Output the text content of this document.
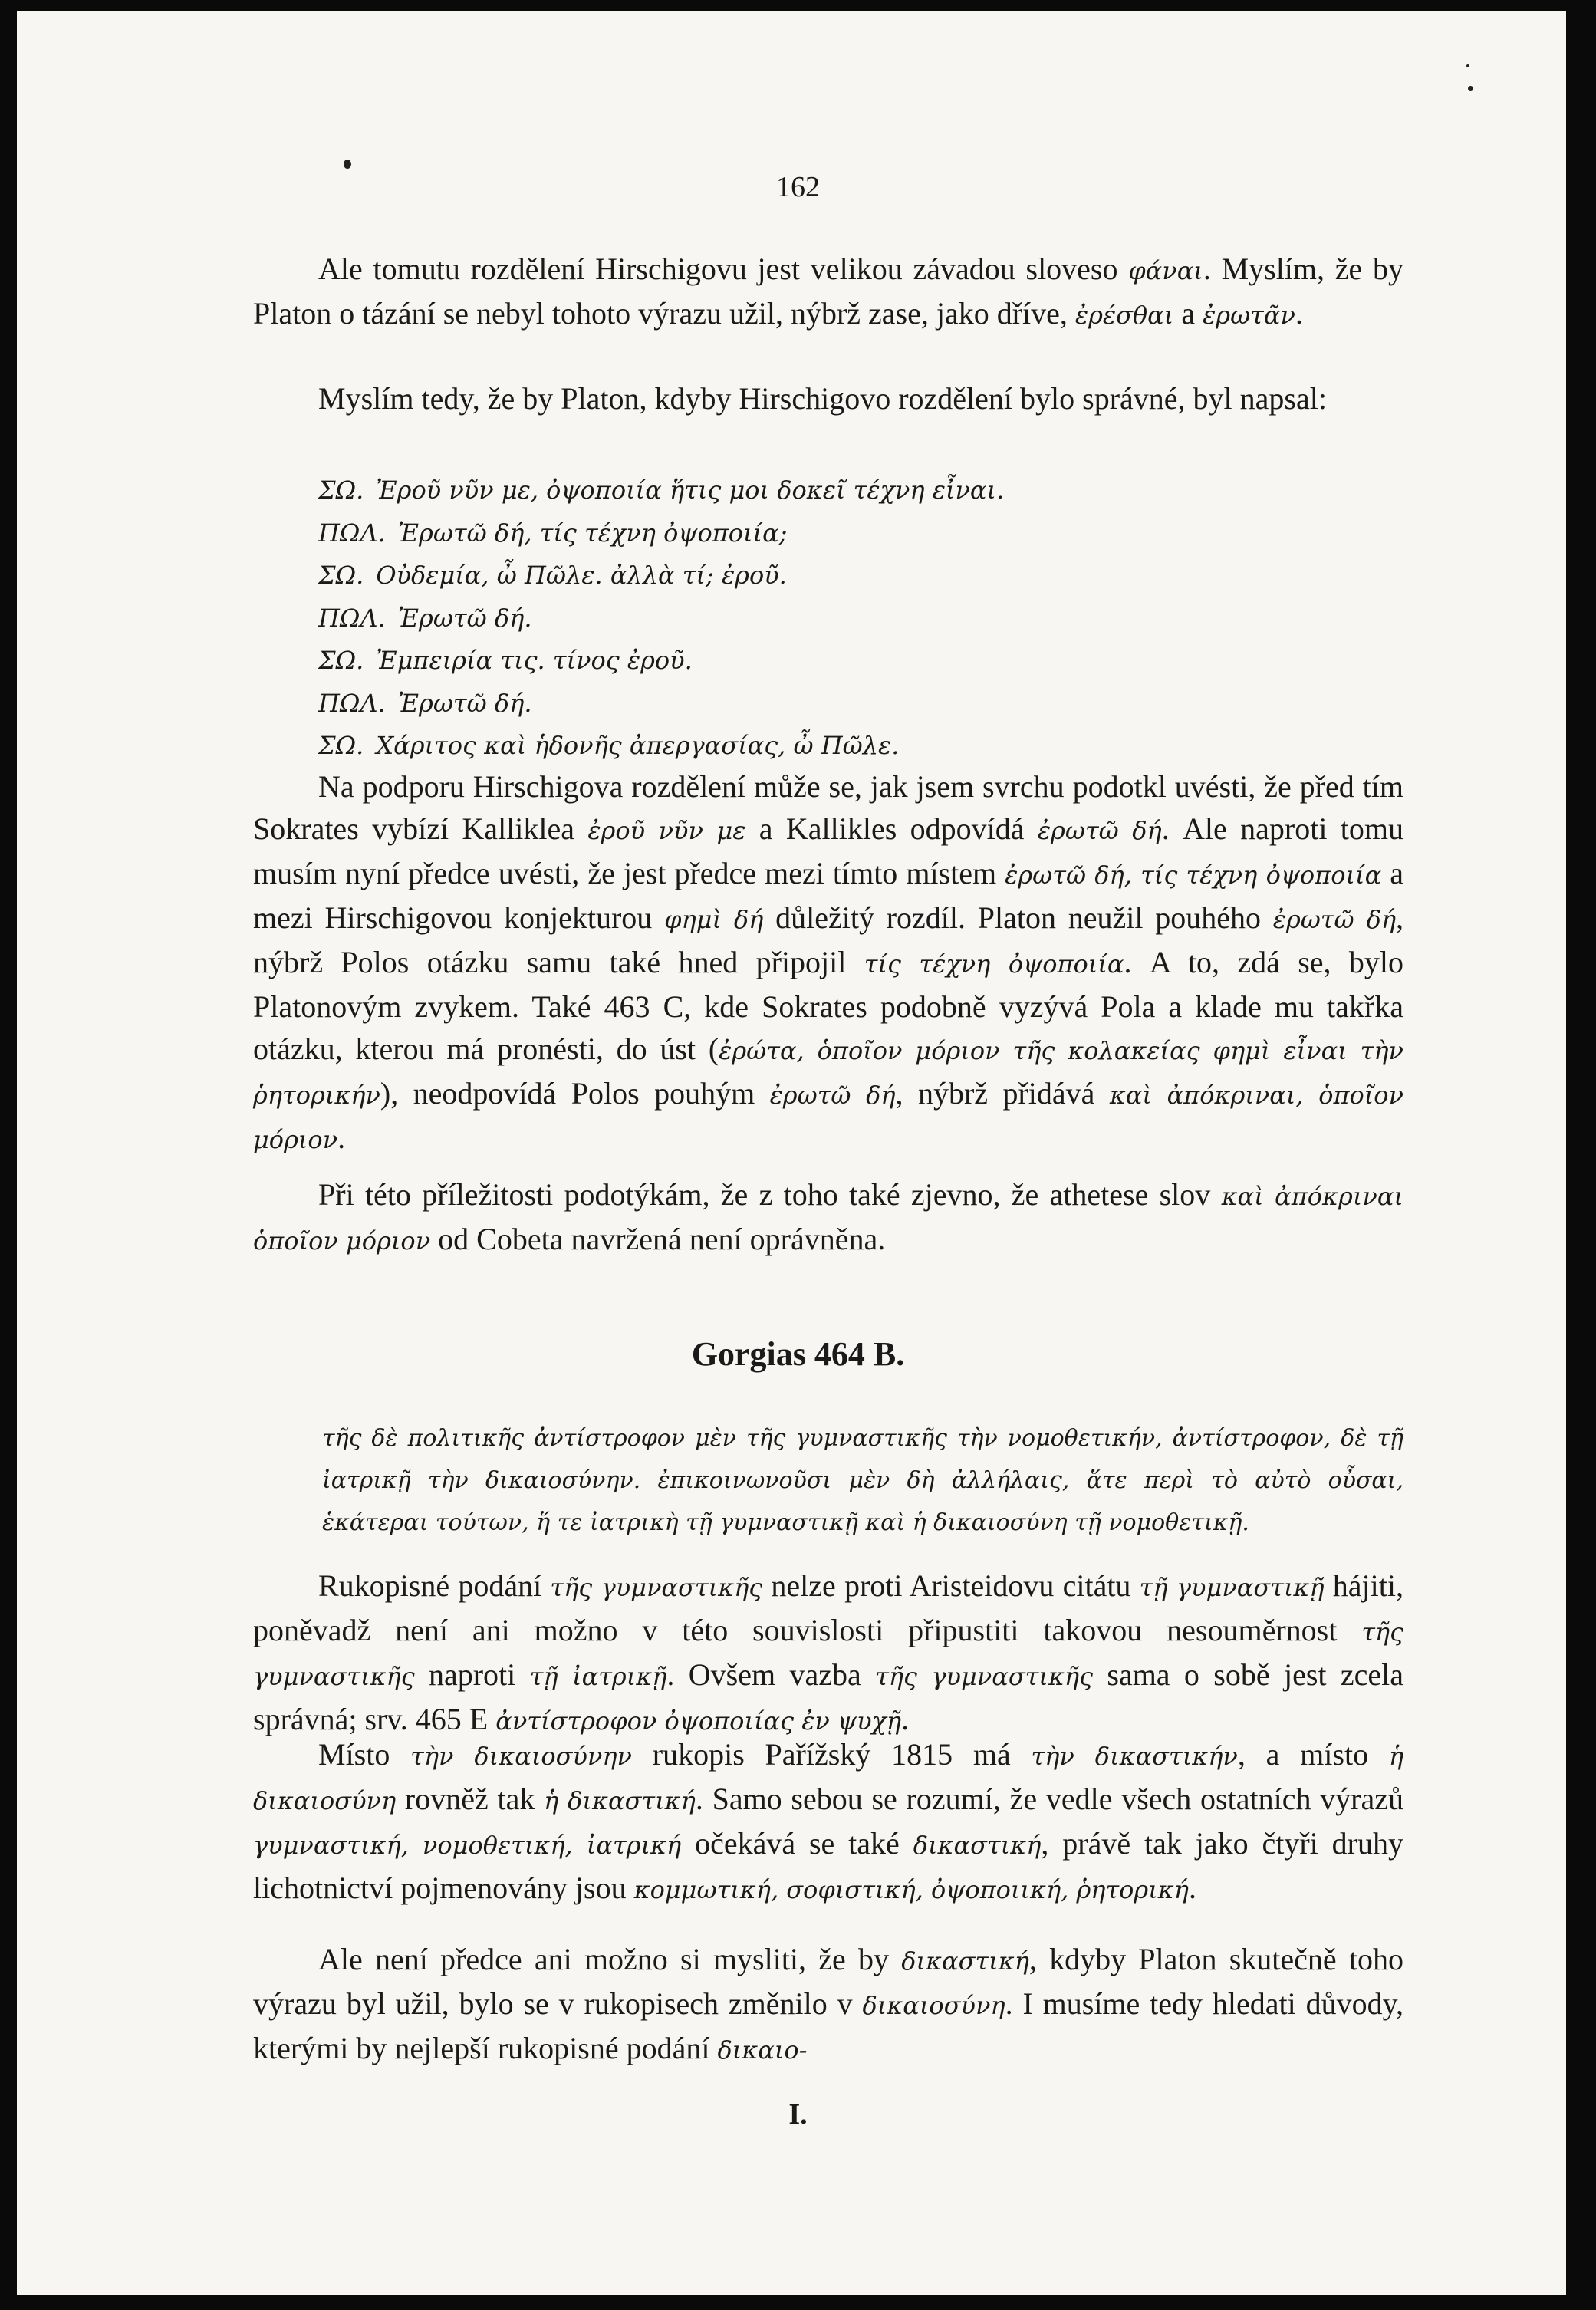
162

Ale tomutu rozdělení Hirschigovu jest velikou závadou sloveso φάναι. Myslím, že by Platon o tázání se nebyl tohoto výrazu užil, nýbrž zase, jako dříve, ἐρέσθαι a ἐρωτᾶν.

Myslím tedy, že by Platon, kdyby Hirschigovo rozdělení bylo správné, byl napsal:

ΣΩ. Ἐροῦ νῦν με, ὀψοποιία ἥτις μοι δοκεῖ τέχνη εἶναι.
ΠΩΛ. Ἐρωτῶ δή, τίς τέχνη ὀψοποιία;
ΣΩ. Οὐδεμία, ὦ Πῶλε. ἀλλὰ τί; ἐροῦ.
ΠΩΛ. Ἐρωτῶ δή.
ΣΩ. Ἐμπειρία τις. τίνος ἐροῦ.
ΠΩΛ. Ἐρωτῶ δή.
ΣΩ. Χάριτος καὶ ἡδονῆς ἀπεργασίας, ὦ Πῶλε.

Na podporu Hirschigova rozdělení může se, jak jsem svrchu podotkl uvésti, že před tím Sokrates vybízí Kalliklea ἐροῦ νῦν με a Kallikles odpovídá ἐρωτῶ δή. Ale naproti tomu musím nyní předce uvésti, že jest předce mezi tímto místem ἐρωτῶ δή, τίς τέχνη ὀψοποιία a mezi Hirschigovou konjekturou φημὶ δή důležitý rozdíl. Platon neužil pouhého ἐρωτῶ δή, nýbrž Polos otázku samu také hned připojil τίς τέχνη ὀψοποιία. A to, zdá se, bylo Platonovým zvykem. Také 463 C, kde Sokrates podobně vyzývá Pola a klade mu takřka otázku, kterou má pronésti, do úst (ἐρώτα, ὁποῖον μόριον τῆς κολακείας φημὶ εἶναι τὴν ῥητορικήν), neodpovídá Polos pouhým ἐρωτῶ δή, nýbrž přidává καὶ ἀπόκριναι, ὁποῖον μόριον.

Při této příležitosti podotýkám, že z toho také zjevno, že athetese slov καὶ ἀπόκριναι ὁποῖον μόριον od Cobeta navržená není oprávněna.

Gorgias 464 B.
τῆς δὲ πολιτικῆς ἀντίστροφον μὲν τῆς γυμναστικῆς τὴν νομοθετικήν, ἀντίστροφον, δὲ τῇ ἰατρικῇ τὴν δικαιοσύνην. ἐπικοινωνοῦσι μὲν δὴ ἀλλήλαις, ἅτε περὶ τὸ αὐτὸ οὖσαι, ἑκάτεραι τούτων, ἥ τε ἰατρικὴ τῇ γυμναστικῇ καὶ ἡ δικαιοσύνη τῇ νομοθετικῇ.

Rukopisné podání τῆς γυμναστικῆς nelze proti Aristeidovu citátu τῇ γυμναστικῇ hájiti, poněvadž není ani možno v této souvislosti připustiti takovou nesouměrnost τῆς γυμναστικῆς naproti τῇ ἰατρικῇ. Ovšem vazba τῆς γυμναστικῆς sama o sobě jest zcela správná; srv. 465 E ἀντίστροφον ὀψοποιίας ἐν ψυχῇ.

Místo τὴν δικαιοσύνην rukopis Pařížský 1815 má τὴν δικαστικήν, a místo ἡ δικαιοσύνη rovněž tak ἡ δικαστική. Samo sebou se rozumí, že vedle všech ostatních výrazů γυμναστική, νομοθετική, ἰατρική očekává se také δικαστική, právě tak jako čtyři druhy lichotnictví pojmenovány jsou κομμωτική, σοφιστική, ὀψοποιική, ῥητορική.

Ale není předce ani možno si mysliti, že by δικαστική, kdyby Platon skutečně toho výrazu byl užil, bylo se v rukopisech změnilo v δικαιοσύνη. I musíme tedy hledati důvody, kterými by nejlepší rukopisné podání δικαιο-

I.
